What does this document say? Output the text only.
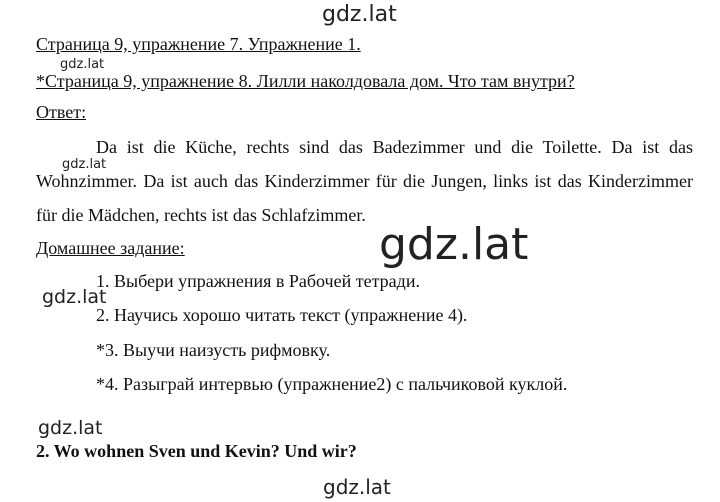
gdz.lat
Страница 9, упражнение 7. Упражнение 1.
gdz.lat
*Страница 9, упражнение 8. Лилли наколдовала дом. Что там внутри?
Ответ:
Da ist die Küche, rechts sind das Badezimmer und die Toilette. Da ist das Wohnzimmer. Da ist auch das Kinderzimmer für die Jungen, links ist das Kinderzimmer für die Mädchen, rechts ist das Schlafzimmer.
gdz.lat
Домашнее задание:	gdz.lat
1. Выбери упражнения в Рабочей тетради.
gdz.lat
2. Научись хорошо читать текст (упражнение 4).
*3. Выучи наизусть рифмовку.
*4. Разыграй интервью (упражнение2) с пальчиковой куклой.
gdz.lat
2. Wo wohnen Sven und Kevin? Und wir?
gdz.lat
